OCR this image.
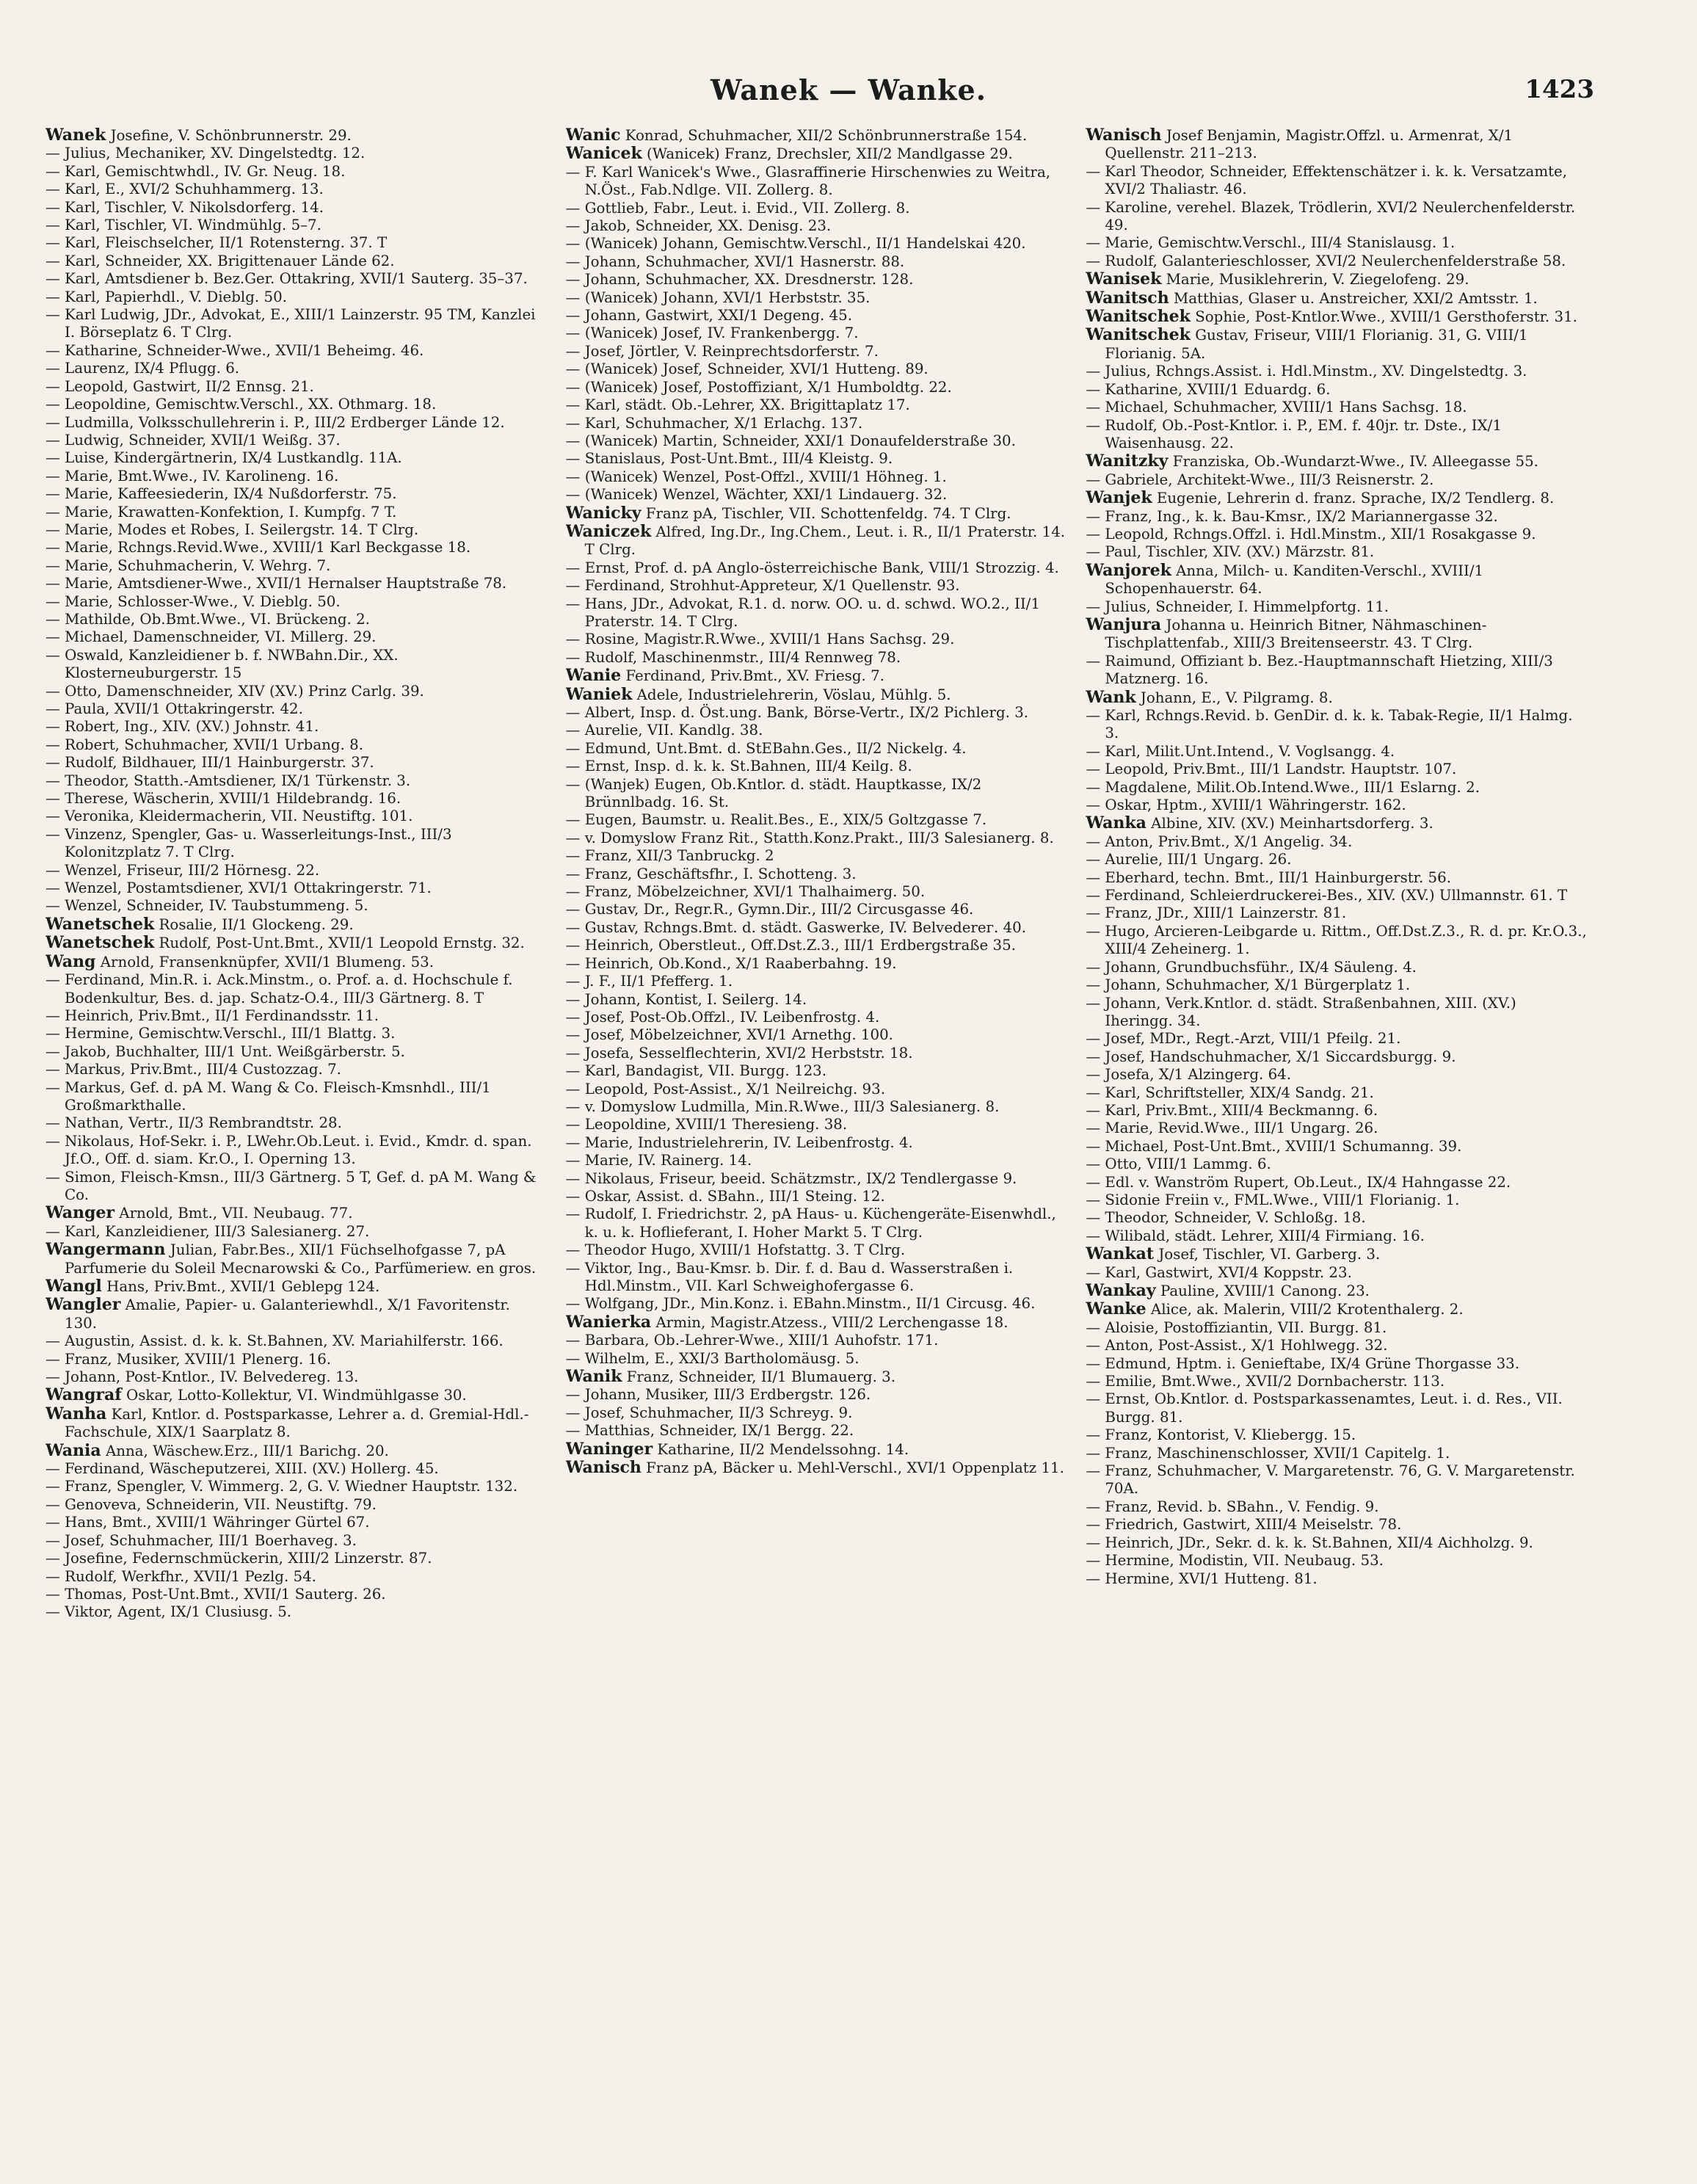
Wanek — Wanke.	1423

Wanek Josefine, V. Schönbrunnerstr. 29.

— Julius, Mechaniker, XV. Dingelstedtg. 12.

— Karl, Gemischtwhdl., IV. Gr. Neug. 18.

— Karl, E., XVI/2 Schuhhammerg. 13.

— Karl, Tischler, V. Nikolsdorferg. 14.

— Karl, Tischler, VI. Windmühlg. 5–7.

— Karl, Fleischselcher, II/1 Rotensterng. 37. T

— Karl, Schneider, XX. Brigittenauer Lände 62.

— Karl, Amtsdiener b. Bez.Ger. Ottakring, XVII/1 Sauterg. 35–37.

— Karl, Papierhdl., V. Dieblg. 50.

— Karl Ludwig, JDr., Advokat, E., XIII/1 Lainzerstr. 95 TM, Kanzlei I. Börseplatz 6. T Clrg.

— Katharine, Schneider-Wwe., XVII/1 Beheimg. 46.

— Laurenz, IX/4 Pflugg. 6.

— Leopold, Gastwirt, II/2 Ennsg. 21.

— Leopoldine, Gemischtw.Verschl., XX. Othmarg. 18.

— Ludmilla, Volksschullehrerin i. P., III/2 Erdberger Lände 12.

— Ludwig, Schneider, XVII/1 Weißg. 37.

— Luise, Kindergärtnerin, IX/4 Lustkandlg. 11A.

— Marie, Bmt.Wwe., IV. Karolineng. 16.

— Marie, Kaffeesiederin, IX/4 Nußdorferstr. 75.

— Marie, Krawatten-Konfektion, I. Kumpfg. 7 T.

— Marie, Modes et Robes, I. Seilergstr. 14. T Clrg.

— Marie, Rchngs.Revid.Wwe., XVIII/1 Karl Beckgasse 18.

— Marie, Schuhmacherin, V. Wehrg. 7.

— Marie, Amtsdiener-Wwe., XVII/1 Hernalser Hauptstraße 78.

— Marie, Schlosser-Wwe., V. Dieblg. 50.

— Mathilde, Ob.Bmt.Wwe., VI. Brückeng. 2.

— Michael, Damenschneider, VI. Millerg. 29.

— Oswald, Kanzleidiener b. f. NWBahn.Dir., XX. Klosterneuburgerstr. 15

— Otto, Damenschneider, XIV (XV.) Prinz Carlg. 39.

— Paula, XVII/1 Ottakringerstr. 42.

— Robert, Ing., XIV. (XV.) Johnstr. 41.

— Robert, Schuhmacher, XVII/1 Urbang. 8.

— Rudolf, Bildhauer, III/1 Hainburgerstr. 37.

— Theodor, Statth.-Amtsdiener, IX/1 Türkenstr. 3.

— Therese, Wäscherin, XVIII/1 Hildebrandg. 16.

— Veronika, Kleidermacherin, VII. Neustiftg. 101.

— Vinzenz, Spengler, Gas- u. Wasserleitungs-Inst., III/3 Kolonitzplatz 7. T Clrg.

— Wenzel, Friseur, III/2 Hörnesg. 22.

— Wenzel, Postamtsdiener, XVI/1 Ottakringerstr. 71.

— Wenzel, Schneider, IV. Taubstummeng. 5.

Wanetschek Rosalie, II/1 Glockeng. 29.

Wanetschek Rudolf, Post-Unt.Bmt., XVII/1 Leopold Ernstg. 32.

Wang Arnold, Fransenknüpfer, XVII/1 Blumeng. 53.

— Ferdinand, Min.R. i. Ack.Minstm., o. Prof. a. d. Hochschule f. Bodenkultur, Bes. d. jap. Schatz-O.4., III/3 Gärtnerg. 8. T

— Heinrich, Priv.Bmt., II/1 Ferdinandsstr. 11.

— Hermine, Gemischtw.Verschl., III/1 Blattg. 3.

— Jakob, Buchhalter, III/1 Unt. Weißgärberstr. 5.

— Markus, Priv.Bmt., III/4 Custozzag. 7.

— Markus, Gef. d. pA M. Wang & Co. Fleisch-Kmsnhdl., III/1 Großmarkthalle.

— Nathan, Vertr., II/3 Rembrandtstr. 28.

— Nikolaus, Hof-Sekr. i. P., LWehr.Ob.Leut. i. Evid., Kmdr. d. span. Jf.O., Off. d. siam. Kr.O., I. Operning 13.

— Simon, Fleisch-Kmsn., III/3 Gärtnerg. 5 T, Gef. d. pA M. Wang & Co.

Wanger Arnold, Bmt., VII. Neubaug. 77.

— Karl, Kanzleidiener, III/3 Salesianerg. 27.

Wangermann Julian, Fabr.Bes., XII/1 Füchselhofgasse 7, pA Parfumerie du Soleil Mecnarowski & Co., Parfümeriew. en gros.

Wangl Hans, Priv.Bmt., XVII/1 Gebleрg 124.

Wangler Amalie, Papier- u. Galanteriewhdl., X/1 Favoritenstr. 130.

— Augustin, Assist. d. k. k. St.Bahnen, XV. Mariahilferstr. 166.

— Franz, Musiker, XVIII/1 Plenerg. 16.

— Johann, Post-Kntlor., IV. Belvedereg. 13.

Wangraf Oskar, Lotto-Kollektur, VI. Windmühlgasse 30.

Wanha Karl, Kntlor. d. Postsparkasse, Lehrer a. d. Gremial-Hdl.-Fachschule, XIX/1 Saarplatz 8.

Wania Anna, Wäschew.Erz., III/1 Barichg. 20.

— Ferdinand, Wäscheputzerei, XIII. (XV.) Hollerg. 45.

— Franz, Spengler, V. Wimmerg. 2, G. V. Wiedner Hauptstr. 132.

— Genoveva, Schneiderin, VII. Neustiftg. 79.

— Hans, Bmt., XVIII/1 Währinger Gürtel 67.

— Josef, Schuhmacher, III/1 Boerhaveg. 3.

— Josefine, Federnschmückerin, XIII/2 Linzerstr. 87.

— Rudolf, Werkfhr., XVII/1 Pezlg. 54.

— Thomas, Post-Unt.Bmt., XVII/1 Sauterg. 26.

— Viktor, Agent, IX/1 Clusiusg. 5.

Wanic Konrad, Schuhmacher, XII/2 Schönbrunnerstraße 154.

Wanicek (Wanicek) Franz, Drechsler, XII/2 Mandlgasse 29.

— F. Karl Wanicek's Wwe., Glasraffinerie Hirschenwies zu Weitra, N.Öst., Fab.Ndlge. VII. Zollerg. 8.

— Gottlieb, Fabr., Leut. i. Evid., VII. Zollerg. 8.

— Jakob, Schneider, XX. Denisg. 23.

— (Wanicek) Johann, Gemischtw.Verschl., II/1 Handelskai 420.

— Johann, Schuhmacher, XVI/1 Hasnerstr. 88.

— Johann, Schuhmacher, XX. Dresdnerstr. 128.

— (Wanicek) Johann, XVI/1 Herbststr. 35.

— Johann, Gastwirt, XXI/1 Degeng. 45.

— (Wanicek) Josef, IV. Frankenbergg. 7.

— Josef, Jörtler, V. Reinprechtsdorferstr. 7.

— (Wanicek) Josef, Schneider, XVI/1 Hutteng. 89.

— (Wanicek) Josef, Postoffiziant, X/1 Humboldtg. 22.

— Karl, städt. Ob.-Lehrer, XX. Brigittaplatz 17.

— Karl, Schuhmacher, X/1 Erlachg. 137.

— (Wanicek) Martin, Schneider, XXI/1 Donaufelderstraße 30.

— Stanislaus, Post-Unt.Bmt., III/4 Kleistg. 9.

— (Wanicek) Wenzel, Post-Offzl., XVIII/1 Höhneg. 1.

— (Wanicek) Wenzel, Wächter, XXI/1 Lindaueгg. 32.

Wanicky Franz pA, Tischler, VII. Schottenfeldg. 74. T Clrg.

Waniczek Alfred, Ing.Dr., Ing.Chem., Leut. i. R., II/1 Praterstr. 14. T Clrg.

— Ernst, Prof. d. pA Anglo-österreichische Bank, VIII/1 Strozzig. 4.

— Ferdinand, Strohhut-Appreteur, X/1 Quellenstr. 93.

— Hans, JDr., Advokat, R.1. d. norw. OO. u. d. schwd. WO.2., II/1 Praterstr. 14. T Clrg.

— Rosine, Magistr.R.Wwe., XVIII/1 Hans Sachsg. 29.

— Rudolf, Maschinenmstr., III/4 Rennweg 78.

Wanie Ferdinand, Priv.Bmt., XV. Friesg. 7.

Waniek Adele, Industrielehrerin, Vöslau, Mühlg. 5.

— Albert, Insp. d. Öst.ung. Bank, Börse-Vertr., IX/2 Pichlerg. 3.

— Aurelie, VII. Kandlg. 38.

— Edmund, Unt.Bmt. d. StEBahn.Ges., II/2 Nickelg. 4.

— Ernst, Insp. d. k. k. St.Bahnen, III/4 Keilg. 8.

— (Wanjek) Eugen, Ob.Kntlor. d. städt. Hauptkasse, IX/2 Brünnlbadg. 16. St.

— Eugen, Baumstr. u. Realit.Bes., E., XIX/5 Goltzgasse 7.

— v. Domyslow Franz Rit., Statth.Konz.Prakt., III/3 Salesianerg. 8.

— Franz, XII/3 Tanbruckg. 2

— Franz, Geschäftsfhr., I. Schotteng. 3.

— Franz, Möbelzeichner, XVI/1 Thalhaimerg. 50.

— Gustav, Dr., Regr.R., Gymn.Dir., III/2 Circusgasse 46.

— Gustav, Rchngs.Bmt. d. städt. Gaswerke, IV. Belvederег. 40.

— Heinrich, Oberstleut., Off.Dst.Z.3., III/1 Erdbergstraße 35.

— Heinrich, Ob.Kond., X/1 Raaberbahng. 19.

— J. F., II/1 Pfefferg. 1.

— Johann, Kontist, I. Seilerg. 14.

— Josef, Post-Ob.Offzl., IV. Leibenfrostg. 4.

— Josef, Möbelzeichner, XVI/1 Arnethg. 100.

— Josefa, Sesselflechterin, XVI/2 Herbststr. 18.

— Karl, Bandagist, VII. Burgg. 123.

— Leopold, Post-Assist., X/1 Neilreichg. 93.

— v. Domyslow Ludmilla, Min.R.Wwe., III/3 Salesianerg. 8.

— Leopoldine, XVIII/1 Theresieng. 38.

— Marie, Industrielehrerin, IV. Leibenfrostg. 4.

— Marie, IV. Rainerg. 14.

— Nikolaus, Friseur, beeid. Schätzmstr., IX/2 Tendlergasse 9.

— Oskar, Assist. d. SBahn., III/1 Steing. 12.

— Rudolf, I. Friedrichstr. 2, pA Haus- u. Küchengeräte-Eisenwhdl., k. u. k. Hoflieferant, I. Hoher Markt 5. T Clrg.

— Theodor Hugo, XVIII/1 Hofstattg. 3. T Clrg.

— Viktor, Ing., Bau-Kmsr. b. Dir. f. d. Bau d. Wasserstraßen i. Hdl.Minstm., VII. Karl Schweighofergasse 6.

— Wolfgang, JDr., Min.Konz. i. EBahn.Minstm., II/1 Circusg. 46.

Wanierka Armin, Magistr.Atzess., VIII/2 Lerchengasse 18.

— Barbara, Ob.-Lehrer-Wwe., XIII/1 Auhofstr. 171.

— Wilhelm, E., XXI/3 Bartholomäusg. 5.

Wanik Franz, Schneider, II/1 Blumauerg. 3.

— Johann, Musiker, III/3 Erdbergstr. 126.

— Josef, Schuhmacher, II/3 Schreyg. 9.

— Matthias, Schneider, IX/1 Bergg. 22.

Waninger Katharine, II/2 Mendelssohng. 14.

Wanisch Franz pA, Bäcker u. Mehl-Verschl., XVI/1 Oppenplatz 11.

Wanisch Josef Benjamin, Magistr.Offzl. u. Armenrat, X/1 Quellenstr. 211–213.

— Karl Theodor, Schneider, Effektenschätzer i. k. k. Versatzamte, XVI/2 Thaliastr. 46.

— Karoline, verehel. Blazek, Trödlerin, XVI/2 Neulerchenfelderstr. 49.

— Marie, Gemischtw.Verschl., III/4 Stanislausg. 1.

— Rudolf, Galanterieschlosser, XVI/2 Neulerchenfelderstraße 58.

Wanisek Marie, Musiklehrerin, V. Ziegelofeng. 29.

Wanitsch Matthias, Glaser u. Anstreicher, XXI/2 Amtsstr. 1.

Wanitschek Sophie, Post-Kntlor.Wwe., XVIII/1 Gersthoferstr. 31.

Wanitschek Gustav, Friseur, VIII/1 Florianig. 31, G. VIII/1 Florianig. 5A.

— Julius, Rchngs.Assist. i. Hdl.Minstm., XV. Dingelstedtg. 3.

— Katharine, XVIII/1 Eduardg. 6.

— Michael, Schuhmacher, XVIII/1 Hans Sachsg. 18.

— Rudolf, Ob.-Post-Kntlor. i. P., EM. f. 40jr. tr. Dste., IX/1 Waisenhausg. 22.

Wanitzky Franziska, Ob.-Wundarzt-Wwe., IV. Alleegasse 55.

— Gabriele, Architekt-Wwe., III/3 Reisnerstr. 2.

Wanjek Eugenie, Lehrerin d. franz. Sprache, IX/2 Tendlerg. 8.

— Franz, Ing., k. k. Bau-Kmsr., IX/2 Mariannergasse 32.

— Leopold, Rchngs.Offzl. i. Hdl.Minstm., XII/1 Rosakgasse 9.

— Paul, Tischler, XIV. (XV.) Märzstr. 81.

Wanjorek Anna, Milch- u. Kanditen-Verschl., XVIII/1 Schopenhauerstr. 64.

— Julius, Schneider, I. Himmelpfortg. 11.

Wanjura Johanna u. Heinrich Bitner, Nähmaschinen-Tischplattenfab., XIII/3 Breitenseerstr. 43. T Clrg.

— Raimund, Offiziant b. Bez.-Hauptmannschaft Hietzing, XIII/3 Matznerg. 16.

Wank Johann, E., V. Pilgramg. 8.

— Karl, Rchngs.Revid. b. GenDir. d. k. k. Tabak-Regie, II/1 Halmg. 3.

— Karl, Milit.Unt.Intend., V. Voglsangg. 4.

— Leopold, Priv.Bmt., III/1 Landstr. Hauptstr. 107.

— Magdalene, Milit.Ob.Intend.Wwe., III/1 Eslarng. 2.

— Oskar, Hptm., XVIII/1 Währingerstr. 162.

Wanka Albine, XIV. (XV.) Meinhartsdorferg. 3.

— Anton, Priv.Bmt., X/1 Angelig. 34.

— Aurelie, III/1 Ungarg. 26.

— Eberhard, techn. Bmt., III/1 Hainburgerstr. 56.

— Ferdinand, Schleierdruckerei-Bes., XIV. (XV.) Ullmannstr. 61. T

— Franz, JDr., XIII/1 Lainzerstr. 81.

— Hugo, Arcieren-Leibgarde u. Rittm., Off.Dst.Z.3., R. d. pr. Kr.O.3., XIII/4 Zeheinerg. 1.

— Johann, Grundbuchsführ., IX/4 Säuleng. 4.

— Johann, Schuhmacher, X/1 Bürgerplatz 1.

— Johann, Verk.Kntlor. d. städt. Straßenbahnen, XIII. (XV.) Iheringg. 34.

— Josef, MDr., Regt.-Arzt, VIII/1 Pfeilg. 21.

— Josef, Handschuhmacher, X/1 Siccardsburgg. 9.

— Josefa, X/1 Alzingerg. 64.

— Karl, Schriftsteller, XIX/4 Sandg. 21.

— Karl, Priv.Bmt., XIII/4 Beckmanng. 6.

— Marie, Revid.Wwe., III/1 Ungarg. 26.

— Michael, Post-Unt.Bmt., XVIII/1 Schumanng. 39.

— Otto, VIII/1 Lammg. 6.

— Edl. v. Wanström Rupert, Ob.Leut., IX/4 Hahngasse 22.

— Sidonie Freiin v., FML.Wwe., VIII/1 Florianig. 1.

— Theodor, Schneider, V. Schloßg. 18.

— Wilibald, städt. Lehrer, XIII/4 Firmiang. 16.

Wankat Josef, Tischler, VI. Garberg. 3.

— Karl, Gastwirt, XVI/4 Koppstr. 23.

Wankay Pauline, XVIII/1 Canong. 23.

Wanke Alice, ak. Malerin, VIII/2 Krotenthalerg. 2.

— Aloisie, Postoffiziantin, VII. Burgg. 81.

— Anton, Post-Assist., X/1 Hohlwegg. 32.

— Edmund, Hptm. i. Genieftabe, IX/4 Grüne Thorgasse 33.

— Emilie, Bmt.Wwe., XVII/2 Dornbacherstr. 113.

— Ernst, Ob.Kntlor. d. Postsparkassenamtes, Leut. i. d. Res., VII. Burgg. 81.

— Franz, Kontorist, V. Kliebergg. 15.

— Franz, Maschinenschlosser, XVII/1 Capitelg. 1.

— Franz, Schuhmacher, V. Margaretenstr. 76, G. V. Margaretenstr. 70A.

— Franz, Revid. b. SBahn., V. Fendig. 9.

— Friedrich, Gastwirt, XIII/4 Meiselstr. 78.

— Heinrich, JDr., Sekr. d. k. k. St.Bahnen, XII/4 Aichholzg. 9.

— Hermine, Modistin, VII. Neubaug. 53.

— Hermine, XVI/1 Hutteng. 81.
